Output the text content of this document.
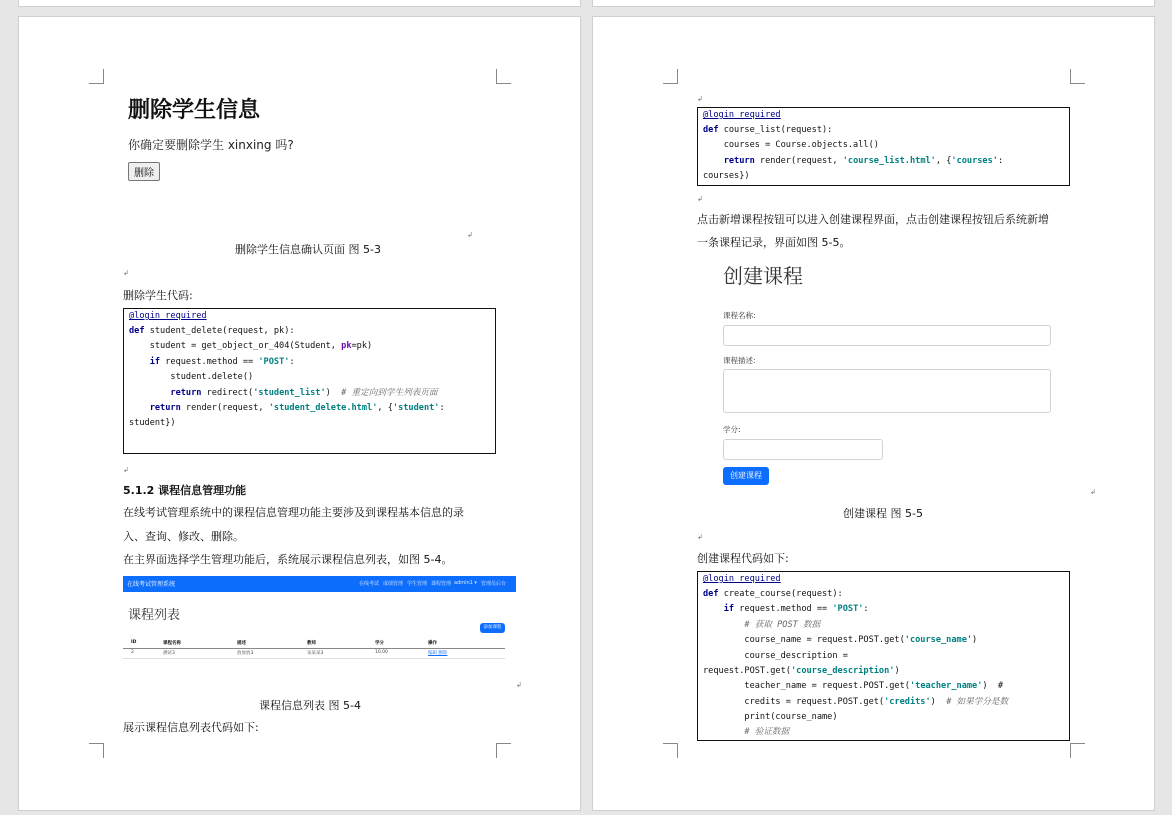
删除学生信息
你确定要删除学生 xinxing 吗?
删除
↲
删除学生信息确认页面 图 5-3
↲
删除学生代码:
@login_required
def student_delete(request, pk):
student = get_object_or_404(Student, pk=pk)
if request.method == 'POST':
student.delete()
return redirect('student_list')  # 重定向到学生列表页面
return render(request, 'student_delete.html', {'student':
student})
↲
5.1.2 课程信息管理功能
在线考试管理系统中的课程信息管理功能主要涉及到课程基本信息的录
入、查询、修改、删除。
在主界面选择学生管理功能后，系统展示课程信息列表，如图 5-4。
在线考试管理系统	在线考试 成绩管理 学生管理 课程管理 admin1 ▾ 管理员后台
课程列表
添加课程
ID	课程名称	描述	教师	学分	操作
2	测试3	放放放3	呆呆呆3	10.00	编辑 删除
↲
课程信息列表 图 5-4
展示课程信息列表代码如下:
↲
@login_required
def course_list(request):
courses = Course.objects.all()
return render(request, 'course_list.html', {'courses':
courses})
↲
点击新增课程按钮可以进入创建课程界面，点击创建课程按钮后系统新增
一条课程记录，界面如图 5-5。
创建课程
课程名称:
课程描述:
学分:
创建课程
↲
创建课程 图 5-5
↲
创建课程代码如下:
@login_required
def create_course(request):
if request.method == 'POST':
# 获取 POST 数据
course_name = request.POST.get('course_name')
course_description =
request.POST.get('course_description')
teacher_name = request.POST.get('teacher_name')  #
credits = request.POST.get('credits')  # 如果学分是数
print(course_name)
# 验证数据
